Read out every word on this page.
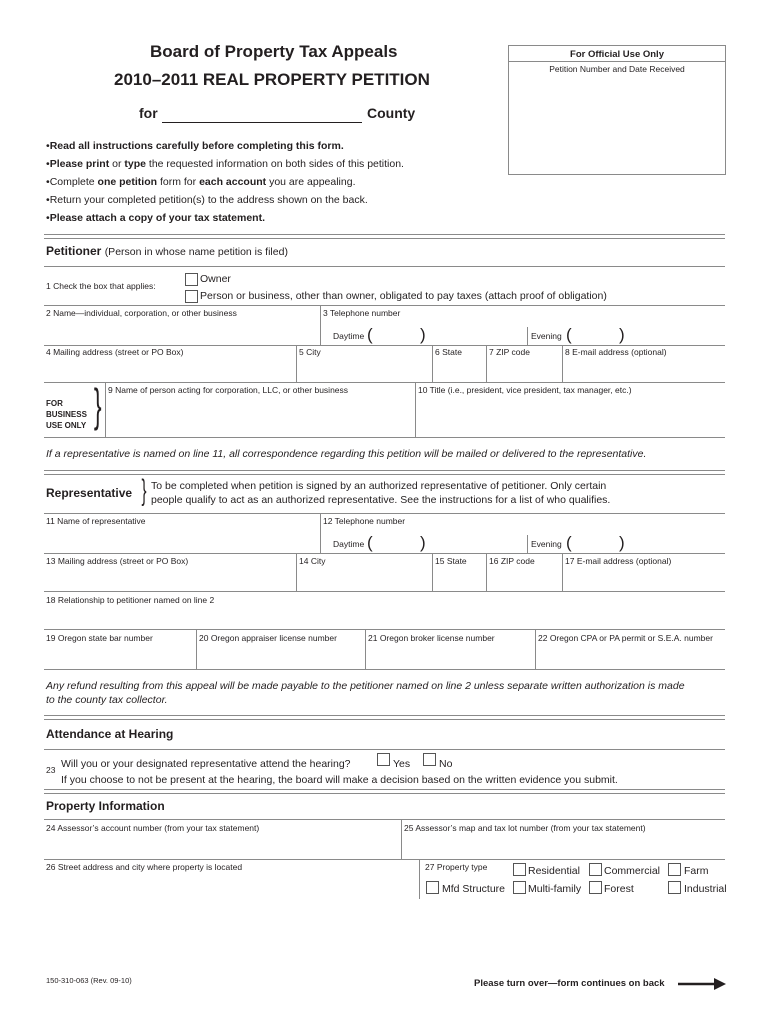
Board of Property Tax Appeals
2010–2011 REAL PROPERTY PETITION
for	County
For Official Use Only
Petition Number and Date Received
•Read all instructions carefully before completing this form.
•Please print or type the requested information on both sides of this petition.
•Complete one petition form for each account you are appealing.
•Return your completed petition(s) to the address shown on the back.
•Please attach a copy of your tax statement.
Petitioner (Person in whose name petition is filed)
1 Check the box that applies:
Owner
Person or business, other than owner, obligated to pay taxes (attach proof of obligation)
2 Name—individual, corporation, or other business	3 Telephone number
Daytime (	)	Evening (	)
4 Mailing address (street or PO Box)	5 City	6 State	7 ZIP code	8 E-mail address (optional)
FOR
BUSINESS
USE ONLY } 9 Name of person acting for corporation, LLC, or other business	10 Title (i.e., president, vice president, tax manager, etc.)
If a representative is named on line 11, all correspondence regarding this petition will be mailed or delivered to the representative.
Representative } To be completed when petition is signed by an authorized representative of petitioner. Only certain
people qualify to act as an authorized representative. See the instructions for a list of who qualifies.
11 Name of representative	12 Telephone number
Daytime (	)	Evening (	)
13 Mailing address (street or PO Box)	14 City	15 State	16 ZIP code	17 E-mail address (optional)
18 Relationship to petitioner named on line 2
19 Oregon state bar number	20 Oregon appraiser license number	21 Oregon broker license number	22 Oregon CPA or PA permit or S.E.A. number
Any refund resulting from this appeal will be made payable to the petitioner named on line 2 unless separate written authorization is made
to the county tax collector.
Attendance at Hearing
23 Will you or your designated representative attend the hearing?	Yes	No
If you choose to not be present at the hearing, the board will make a decision based on the written evidence you submit.
Property Information
24 Assessor’s account number (from your tax statement)	25 Assessor’s map and tax lot number (from your tax statement)
26 Street address and city where property is located	27 Property type	Residential Commercial Farm
Mfd Structure Multi-family Forest	Industrial
150-310-063 (Rev. 09-10)	Please turn over—form continues on back
